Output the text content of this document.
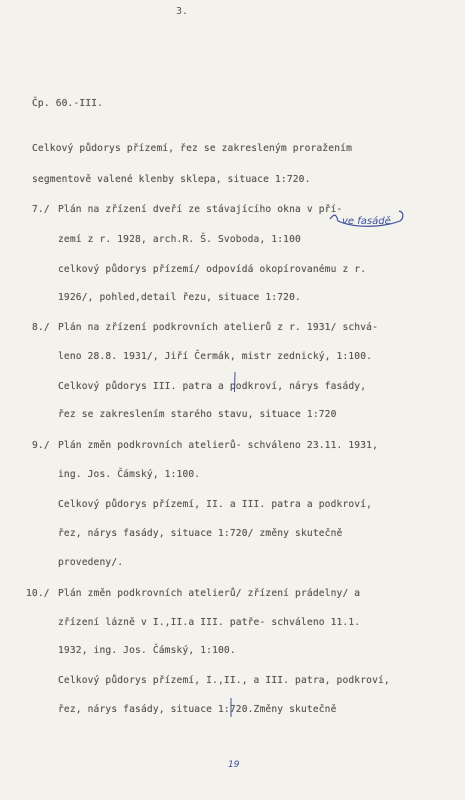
3.
Čp. 60.-III.
Celkový půdorys přízemí, řez se zakresleným proražením
segmentově valené klenby sklepa, situace 1:720.
7./ Plán na zřízení dveří ze stávajícího okna v pří-
zemí z r. 1928, arch.R. Š. Svoboda, 1:100
celkový půdorys přízemí/ odpovídá okopírovanému z r.
1926/, pohled,detail řezu, situace 1:720.
8./ Plán na zřízení podkrovních atelierů z r. 1931/ schvá-
leno 28.8. 1931/, Jiří Čermák, mistr zednický, 1:100.
Celkový půdorys III. patra a podkroví, nárys fasády,
řez se zakreslením starého stavu, situace 1:720
9./ Plán změn podkrovních atelierů- schváleno 23.11. 1931,
ing. Jos. Čámský, 1:100.
Celkový půdorys přízemí, II. a III. patra a podkroví,
řez, nárys fasády, situace 1:720/ změny skutečně
provedeny/.
10./ Plán změn podkrovních atelierů/ zřízení prádelny/ a
zřízení lázně v I.,II.a III. patře- schváleno 11.1.
1932, ing. Jos. Čámský, 1:100.
Celkový půdorys přízemí, I.,II., a III. patra, podkroví,
řez, nárys fasády, situace 1:720.Změny skutečně
ve fasádě
19
